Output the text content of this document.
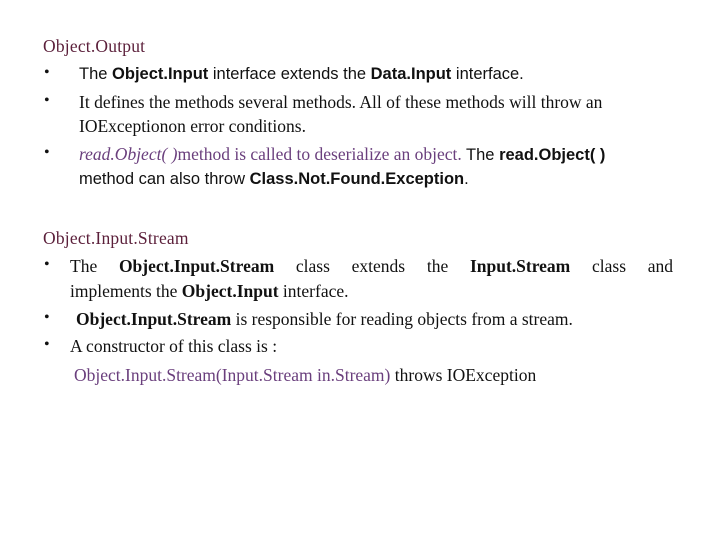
Object.Output
• The Object.Input interface extends the Data.Input interface.
• It defines the methods several methods. All of these methods will throw an
IOExceptionon error conditions.
• read.Object( )method is called to deserialize an object. The read.Object( )
method can also throw Class.Not.Found.Exception.
Object.Input.Stream
• The Object.Input.Stream class extends the Input.Stream class and
implements the Object.Input interface.
• Object.Input.Stream is responsible for reading objects from a stream.
• A constructor of this class is :
Object.Input.Stream(Input.Stream in.Stream) throws IOException
